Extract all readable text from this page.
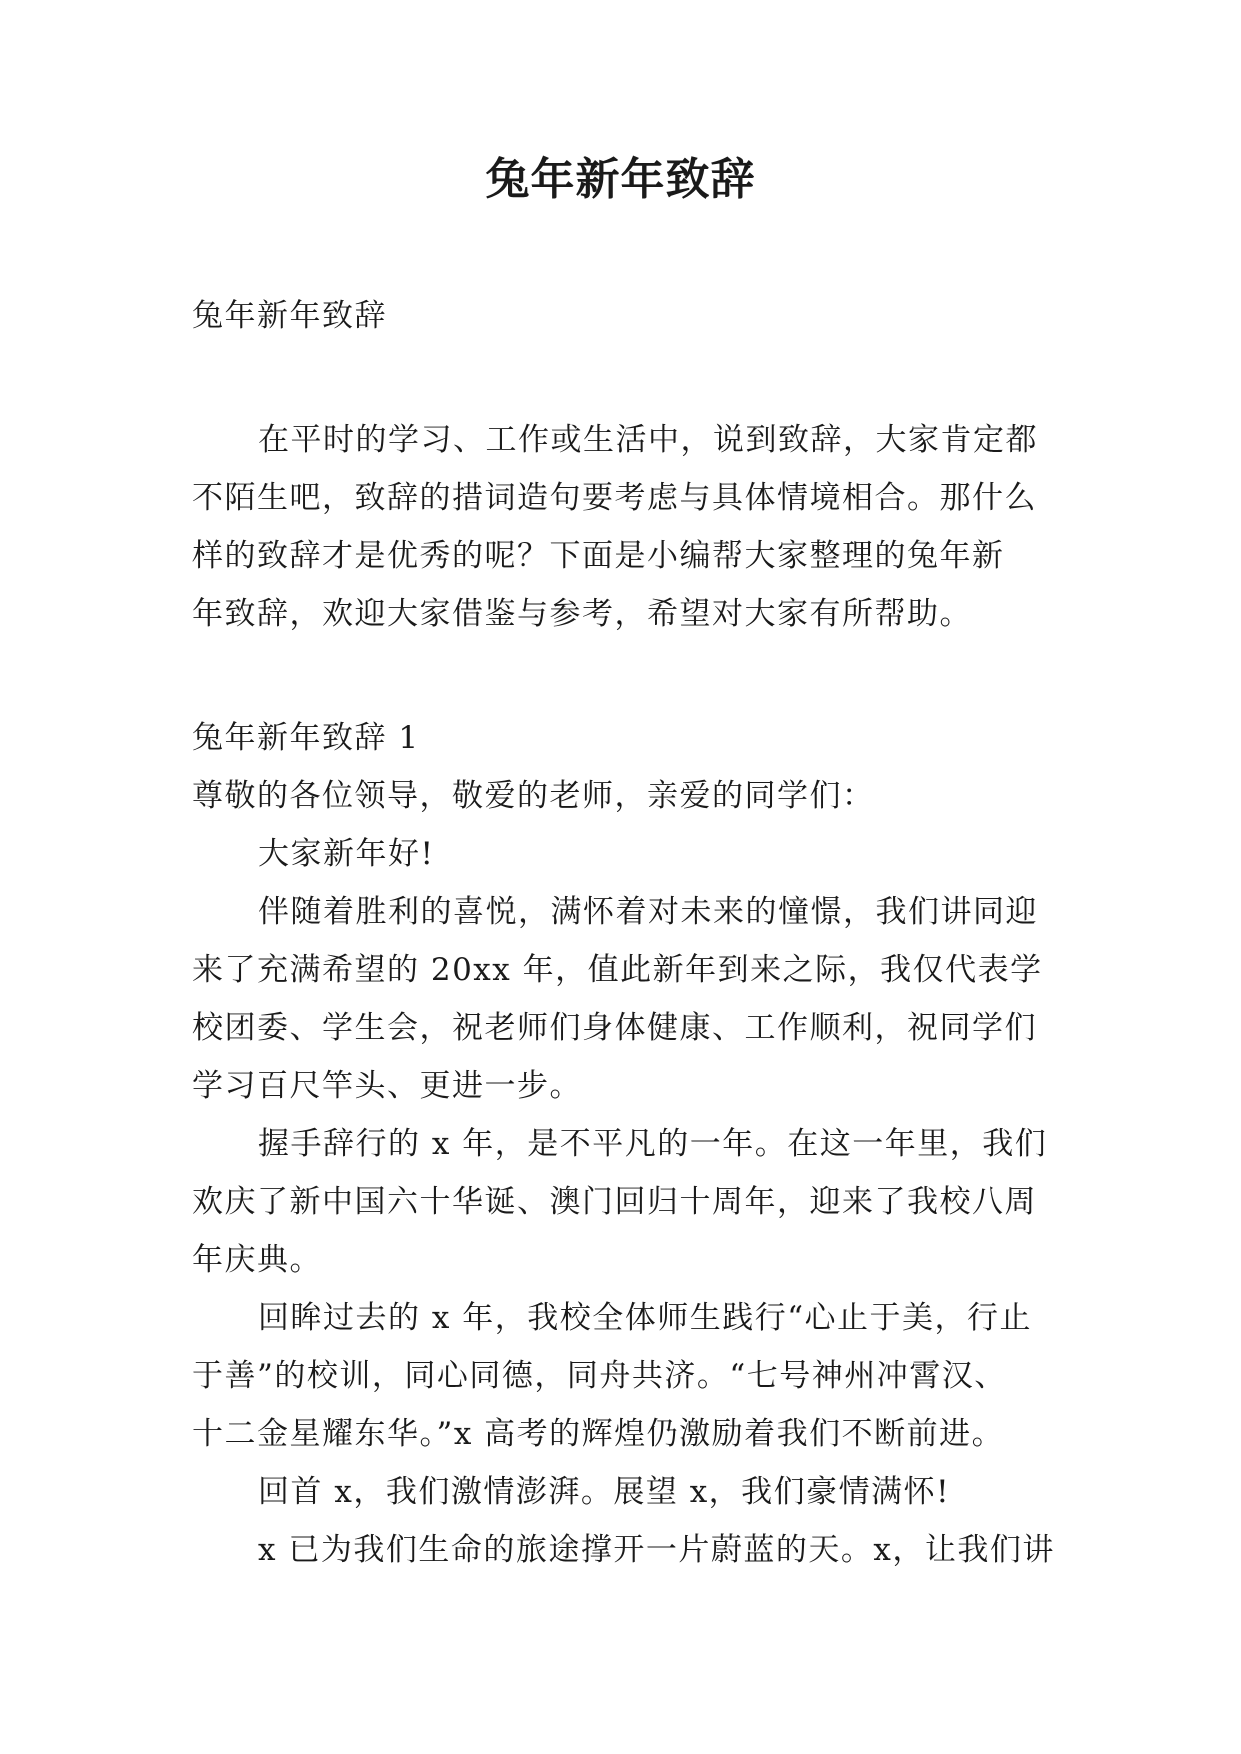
兔年新年致辞
兔年新年致辞
在平时的学习、工作或生活中，说到致辞，大家肯定都
不陌生吧，致辞的措词造句要考虑与具体情境相合。那什么
样的致辞才是优秀的呢？下面是小编帮大家整理的兔年新
年致辞，欢迎大家借鉴与参考，希望对大家有所帮助。
兔年新年致辞 1
尊敬的各位领导，敬爱的老师，亲爱的同学们：
大家新年好!
伴随着胜利的喜悦，满怀着对未来的憧憬，我们讲同迎
来了充满希望的 20xx 年，值此新年到来之际，我仅代表学
校团委、学生会，祝老师们身体健康、工作顺利，祝同学们
学习百尺竿头、更进一步。
握手辞行的 x 年，是不平凡的一年。在这一年里，我们
欢庆了新中国六十华诞、澳门回归十周年，迎来了我校八周
年庆典。
回眸过去的 x 年，我校全体师生践行“心止于美，行止
于善”的校训，同心同德，同舟共济。“七号神州冲霄汉、
十二金星耀东华。”x 高考的辉煌仍激励着我们不断前进。
回首 x，我们激情澎湃。展望 x，我们豪情满怀!
x 已为我们生命的旅途撑开一片蔚蓝的天。x，让我们讲
